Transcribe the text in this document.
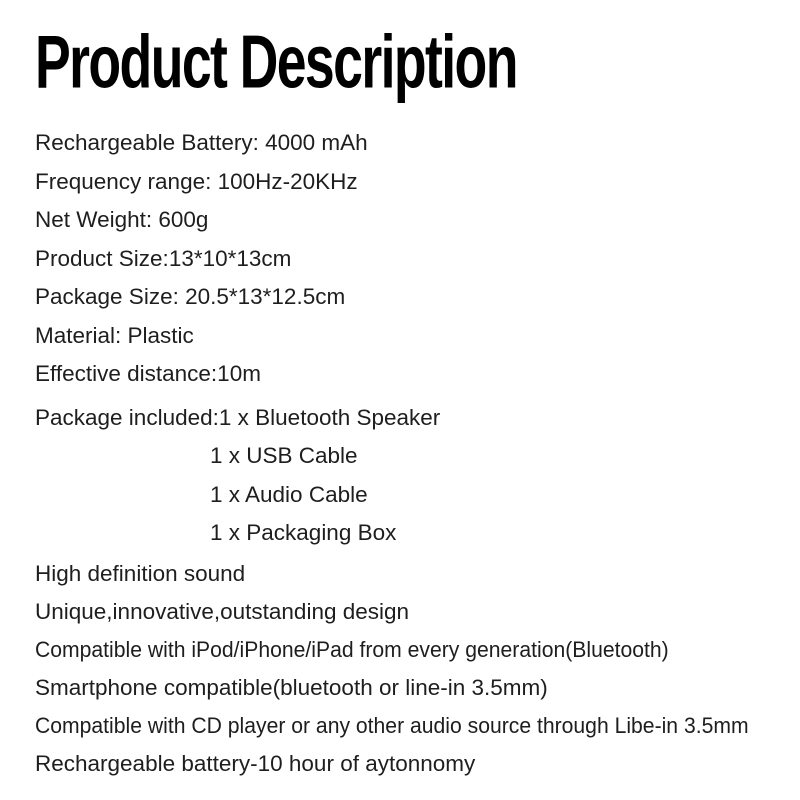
Product Description
Rechargeable Battery: 4000 mAh
Frequency range: 100Hz-20KHz
Net Weight: 600g
Product Size:13*10*13cm
Package Size: 20.5*13*12.5cm
Material: Plastic
Effective distance:10m
Package included:1 x Bluetooth Speaker
1 x USB Cable
1 x Audio Cable
1 x Packaging Box
High definition sound
Unique,innovative,outstanding design
Compatible with iPod/iPhone/iPad from every generation(Bluetooth)
Smartphone compatible(bluetooth or line-in 3.5mm)
Compatible with CD player or any other audio source through Libe-in 3.5mm
Rechargeable battery-10 hour of aytonnomy
